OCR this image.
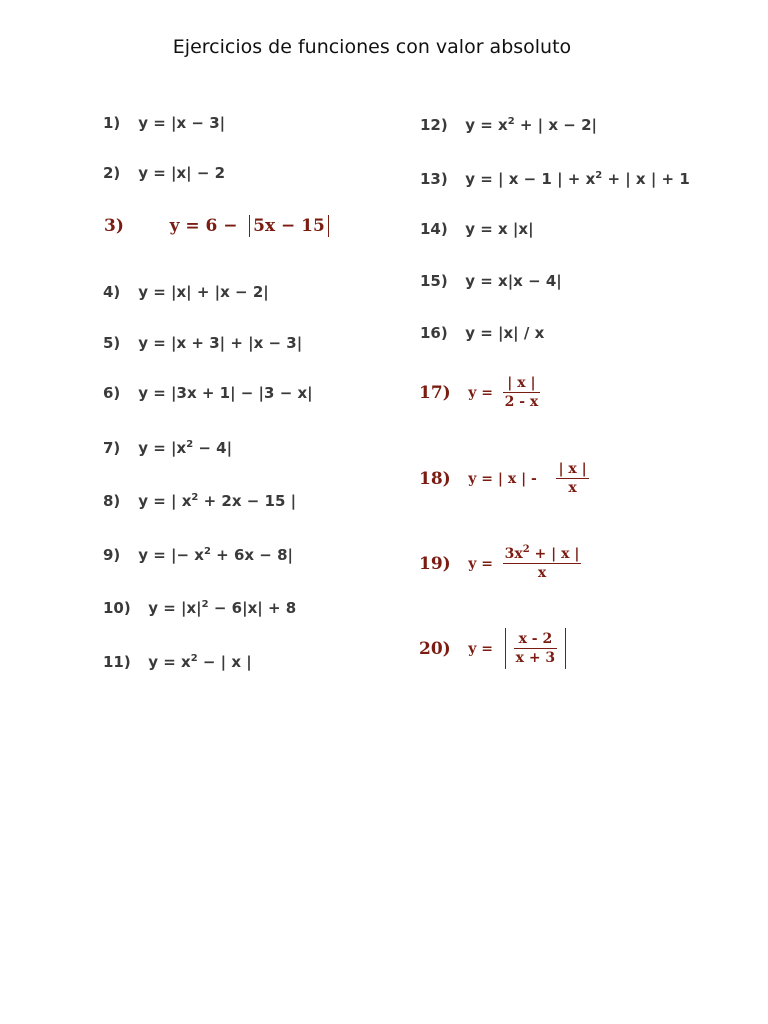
Ejercicios de funciones con valor absoluto
1) y = |x − 3|
2) y = |x| − 2
3)	y = 6 − 5x − 15
4) y = |x| + |x − 2|
5) y = |x + 3| + |x − 3|
6) y = |3x + 1| − |3 − x|
7) $y = |x^2 - 4|$
8) y = | $x^2 + 2x - 15$ |
9) y = |− $x^2 + 6x - 8|$
10) $y = |x|^2 - 6|x| + 8$
11) $y = x^2$ − | x |
12) $y = x^2$ + | x − 2|
13) y = | x − 1 | + $x^2$ + | x | + 1
14) y = x |x|
15) y = x|x − 4|
16) y = |x| / x
17) $y = \frac{| x |}{2 - x}$
18) y = | x | - $\frac{| x |}{x}$
19) $y = \frac{3x^2 + | x |}{x}$
20) $y = \frac{x - 2}{x + 3}$
